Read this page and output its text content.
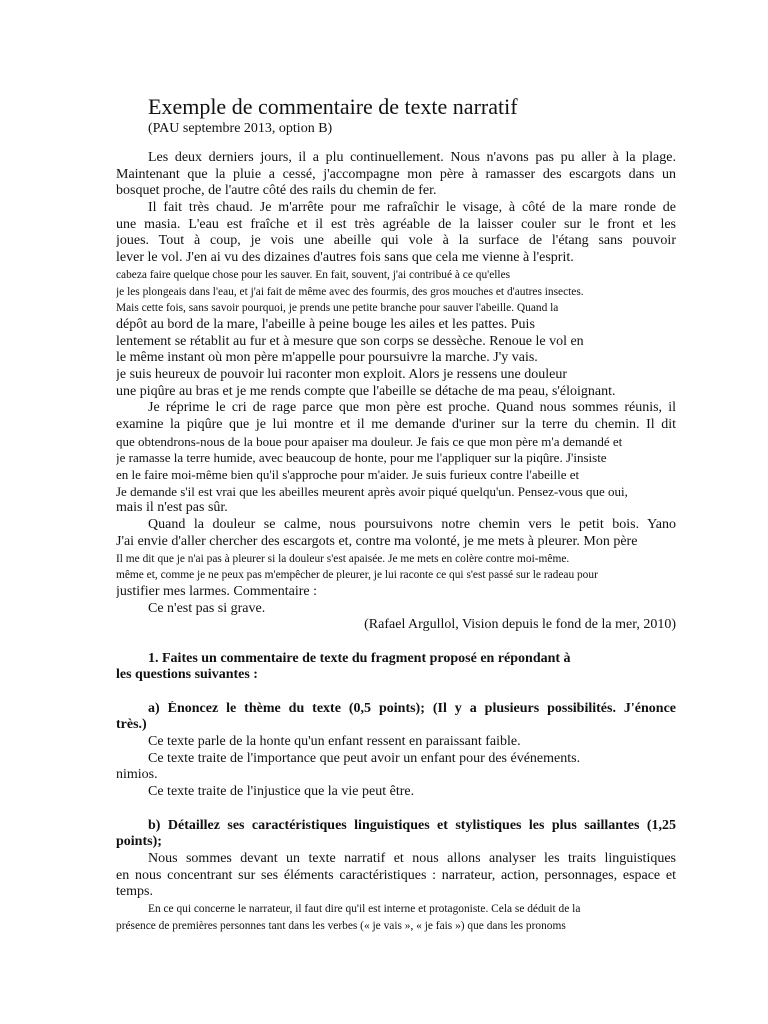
Exemple de commentaire de texte narratif
(PAU septembre 2013, option B)
Les deux derniers jours, il a plu continuellement. Nous n'avons pas pu aller à la plage.
Maintenant que la pluie a cessé, j'accompagne mon père à ramasser des escargots dans un
bosquet proche, de l'autre côté des rails du chemin de fer.
Il fait très chaud. Je m'arrête pour me rafraîchir le visage, à côté de la mare ronde de
une masia. L'eau est fraîche et il est très agréable de la laisser couler sur le front et les
joues. Tout à coup, je vois une abeille qui vole à la surface de l'étang sans pouvoir
lever le vol. J'en ai vu des dizaines d'autres fois sans que cela me vienne à l'esprit.
cabeza faire quelque chose pour les sauver. En fait, souvent, j'ai contribué à ce qu'elles
je les plongeais dans l'eau, et j'ai fait de même avec des fourmis, des gros mouches et d'autres insectes.
Mais cette fois, sans savoir pourquoi, je prends une petite branche pour sauver l'abeille. Quand la
dépôt au bord de la mare, l'abeille à peine bouge les ailes et les pattes. Puis
lentement se rétablit au fur et à mesure que son corps se dessèche. Renoue le vol en
le même instant où mon père m'appelle pour poursuivre la marche. J'y vais.
je suis heureux de pouvoir lui raconter mon exploit. Alors je ressens une douleur
une piqûre au bras et je me rends compte que l'abeille se détache de ma peau, s'éloignant.
Je réprime le cri de rage parce que mon père est proche. Quand nous sommes réunis, il
examine la piqûre que je lui montre et il me demande d'uriner sur la terre du chemin. Il dit
que obtendrons-nous de la boue pour apaiser ma douleur. Je fais ce que mon père m'a demandé et
je ramasse la terre humide, avec beaucoup de honte, pour me l'appliquer sur la piqûre. J'insiste
en le faire moi-même bien qu'il s'approche pour m'aider. Je suis furieux contre l'abeille et
Je demande s'il est vrai que les abeilles meurent après avoir piqué quelqu'un. Pensez-vous que oui,
mais il n'est pas sûr.
Quand la douleur se calme, nous poursuivons notre chemin vers le petit bois. Yano
J'ai envie d'aller chercher des escargots et, contre ma volonté, je me mets à pleurer. Mon père
Il me dit que je n'ai pas à pleurer si la douleur s'est apaisée. Je me mets en colère contre moi-même.
même et, comme je ne peux pas m'empêcher de pleurer, je lui raconte ce qui s'est passé sur le radeau pour
justifier mes larmes. Commentaire :
Ce n'est pas si grave.
(Rafael Argullol, Vision depuis le fond de la mer, 2010)
1. Faites un commentaire de texte du fragment proposé en répondant à
les questions suivantes :
a) Énoncez le thème du texte (0,5 points); (Il y a plusieurs possibilités. J'énonce
très.)
Ce texte parle de la honte qu'un enfant ressent en paraissant faible.
Ce texte traite de l'importance que peut avoir un enfant pour des événements.
nimios.
Ce texte traite de l'injustice que la vie peut être.
b) Détaillez ses caractéristiques linguistiques et stylistiques les plus saillantes (1,25
points);
Nous sommes devant un texte narratif et nous allons analyser les traits linguistiques
en nous concentrant sur ses éléments caractéristiques : narrateur, action, personnages, espace et
temps.
En ce qui concerne le narrateur, il faut dire qu'il est interne et protagoniste. Cela se déduit de la
présence de premières personnes tant dans les verbes (« je vais », « je fais ») que dans les pronoms
